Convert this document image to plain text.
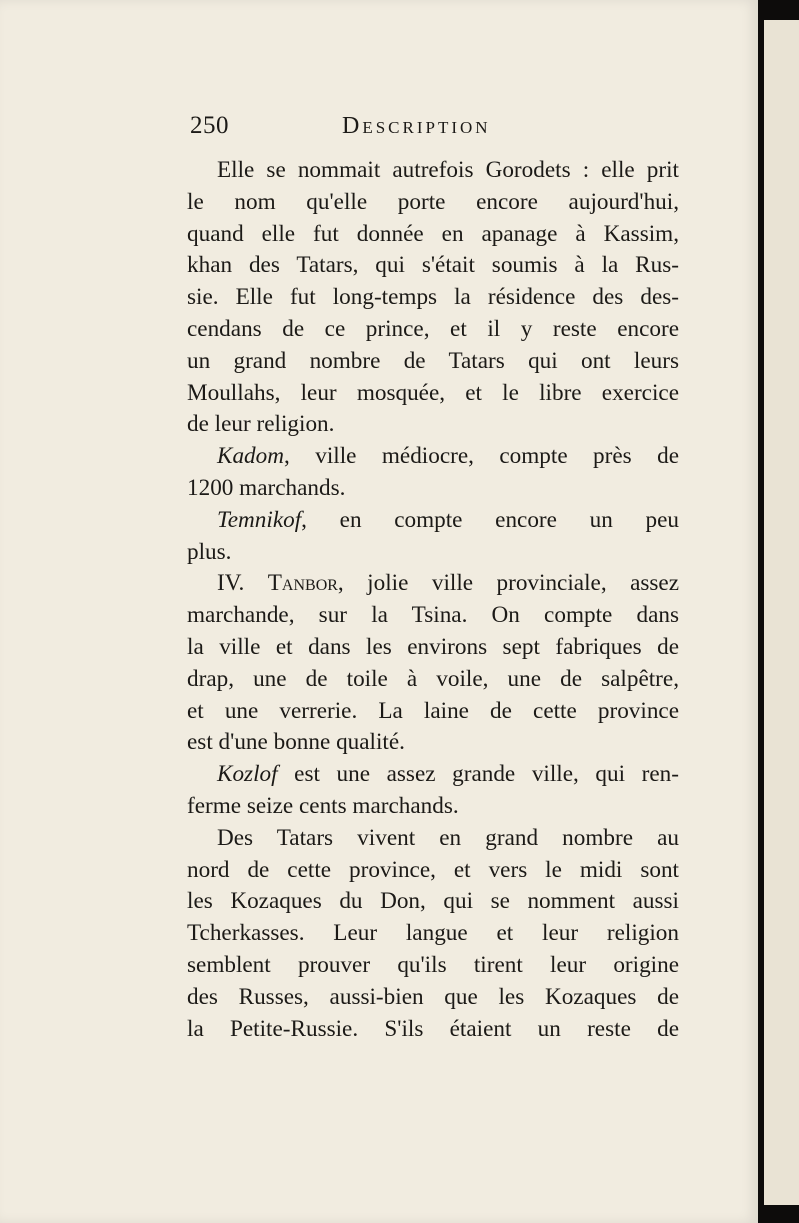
250	Description
Elle se nommait autrefois Gorodets : elle prit
le nom qu'elle porte encore aujourd'hui,
quand elle fut donnée en apanage à Kassim,
khan des Tatars, qui s'était soumis à la Rus-
sie. Elle fut long-temps la résidence des des-
cendans de ce prince, et il y reste encore
un grand nombre de Tatars qui ont leurs
Moullahs, leur mosquée, et le libre exercice
de leur religion.
Kadom, ville médiocre, compte près de
1200 marchands.
Temnikof, en compte encore un peu
plus.
IV. Tanbor, jolie ville provinciale, assez
marchande, sur la Tsina. On compte dans
la ville et dans les environs sept fabriques de
drap, une de toile à voile, une de salpêtre,
et une verrerie. La laine de cette province
est d'une bonne qualité.
Kozlof est une assez grande ville, qui ren-
ferme seize cents marchands.
Des Tatars vivent en grand nombre au
nord de cette province, et vers le midi sont
les Kozaques du Don, qui se nomment aussi
Tcherkasses. Leur langue et leur religion
semblent prouver qu'ils tirent leur origine
des Russes, aussi-bien que les Kozaques de
la Petite-Russie. S'ils étaient un reste de
